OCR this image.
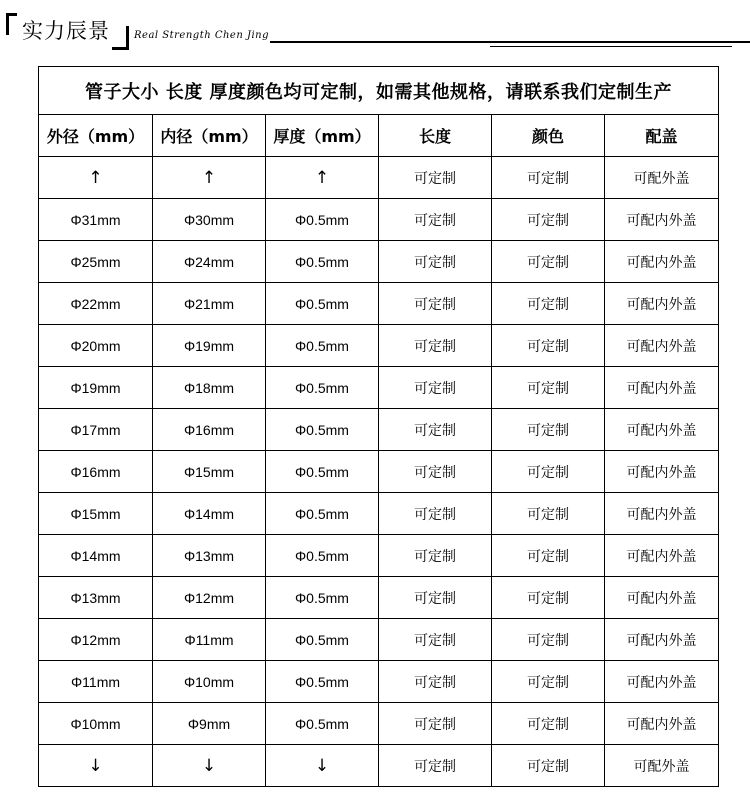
实力辰景 Real Strength Chen Jing
管子大小 长度 厚度颜色均可定制，如需其他规格，请联系我们定制生产					
外径（mm）	内径（mm）	厚度（mm）	长度	颜色	配盖
↑	↑	↑	可定制	可定制	可配外盖
Φ31mm	Φ30mm	Φ0.5mm	可定制	可定制	可配内外盖
Φ25mm	Φ24mm	Φ0.5mm	可定制	可定制	可配内外盖
Φ22mm	Φ21mm	Φ0.5mm	可定制	可定制	可配内外盖
Φ20mm	Φ19mm	Φ0.5mm	可定制	可定制	可配内外盖
Φ19mm	Φ18mm	Φ0.5mm	可定制	可定制	可配内外盖
Φ17mm	Φ16mm	Φ0.5mm	可定制	可定制	可配内外盖
Φ16mm	Φ15mm	Φ0.5mm	可定制	可定制	可配内外盖
Φ15mm	Φ14mm	Φ0.5mm	可定制	可定制	可配内外盖
Φ14mm	Φ13mm	Φ0.5mm	可定制	可定制	可配内外盖
Φ13mm	Φ12mm	Φ0.5mm	可定制	可定制	可配内外盖
Φ12mm	Φ11mm	Φ0.5mm	可定制	可定制	可配内外盖
Φ11mm	Φ10mm	Φ0.5mm	可定制	可定制	可配内外盖
Φ10mm	Φ9mm	Φ0.5mm	可定制	可定制	可配内外盖
↓	↓	↓	可定制	可定制	可配外盖
